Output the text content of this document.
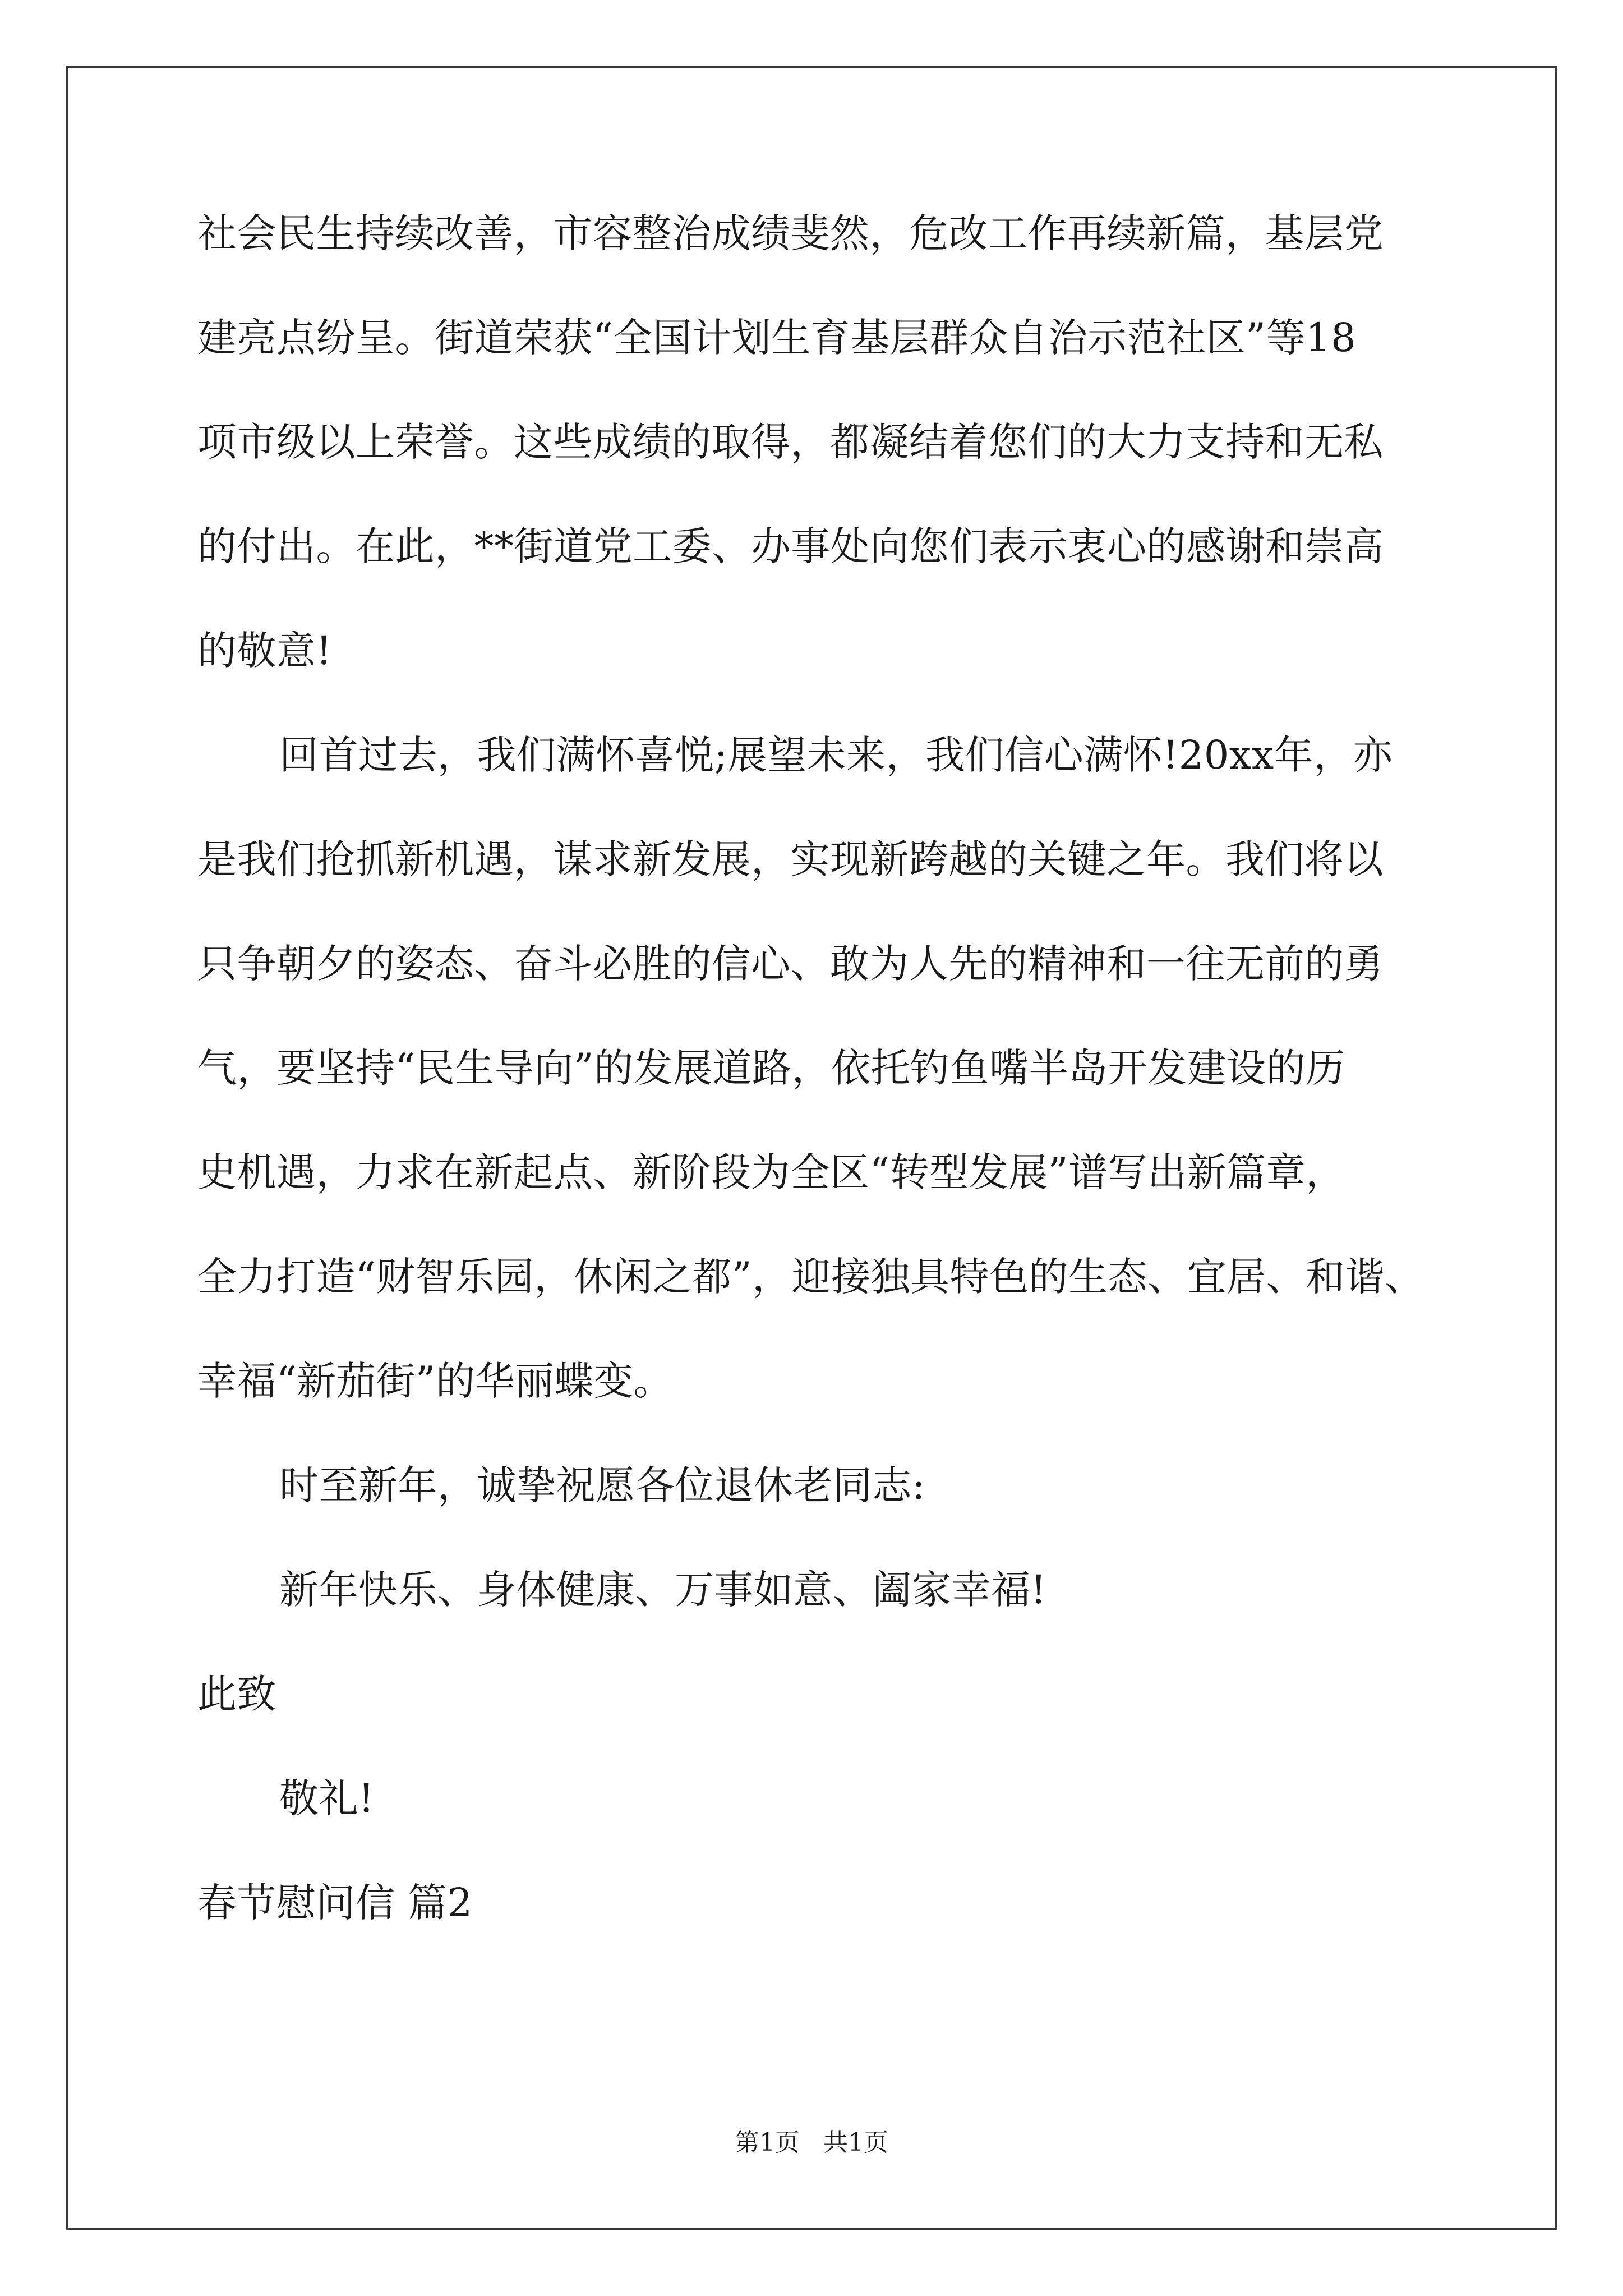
社会民生持续改善，市容整治成绩斐然，危改工作再续新篇，基层党
建亮点纷呈。街道荣获“全国计划生育基层群众自治示范社区”等18
项市级以上荣誉。这些成绩的取得，都凝结着您们的大力支持和无私
的付出。在此，**街道党工委、办事处向您们表示衷心的感谢和崇高
的敬意!
回首过去，我们满怀喜悦;展望未来，我们信心满怀!20xx年，亦
是我们抢抓新机遇，谋求新发展，实现新跨越的关键之年。我们将以
只争朝夕的姿态、奋斗必胜的信心、敢为人先的精神和一往无前的勇
气，要坚持“民生导向”的发展道路，依托钓鱼嘴半岛开发建设的历
史机遇，力求在新起点、新阶段为全区“转型发展”谱写出新篇章，
全力打造“财智乐园，休闲之都”，迎接独具特色的生态、宜居、和谐、
幸福“新茄街”的华丽蝶变。
时至新年，诚挚祝愿各位退休老同志:
新年快乐、身体健康、万事如意、阖家幸福!
此致
敬礼!
春节慰问信 篇2
第1页   共1页
